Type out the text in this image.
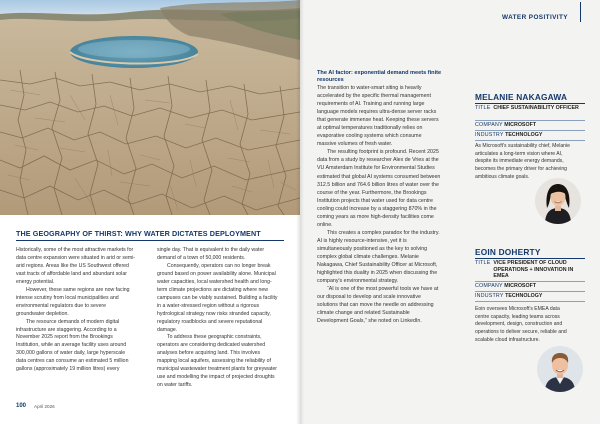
THE GEOGRAPHY OF THIRST: WHY WATER DICTATES DEPLOYMENT

Historically, some of the most attractive markets for data centre expansion were situated in arid or semi-arid regions. Areas like the US Southwest offered vast tracts of affordable land and abundant solar energy potential.

However, these same regions are now facing intense scrutiny from local municipalities and environmental regulators due to severe groundwater depletion.

The resource demands of modern digital infrastructure are staggering. According to a November 2025 report from the Brookings Institution, while an average facility uses around 300,000 gallons of water daily, large hyperscale data centres can consume an estimated 5 million gallons (approximately 19 million litres) every

single day. That is equivalent to the daily water demand of a town of 50,000 residents.

Consequently, operators can no longer break ground based on power availability alone. Municipal water capacities, local watershed health and long-term climate projections are dictating where new campuses can be viably sustained. Building a facility in a water-stressed region without a rigorous hydrological strategy now risks stranded capacity, regulatory roadblocks and severe reputational damage.

To address these geographic constraints, operators are considering dedicated watershed analyses before acquiring land. This involves mapping local aquifers, assessing the reliability of municipal wastewater treatment plants for greywater use and modelling the impact of projected droughts on water tariffs.

100 April 2026
WATER POSITIVITY
The AI factor: exponential demand meets finite resources

The transition to water-smart siting is heavily accelerated by the specific thermal management requirements of AI. Training and running large language models requires ultra-dense server racks that generate immense heat. Keeping these servers at optimal temperatures traditionally relies on evaporative cooling systems which consume massive volumes of fresh water.

The resulting footprint is profound. Recent 2025 data from a study by researcher Alex de Vries at the VU Amsterdam Institute for Environmental Studies estimated that global AI systems consumed between 312.5 billion and 764.6 billion litres of water over the course of the year. Furthermore, the Brookings Institution projects that water used for data centre cooling could increase by a staggering 870% in the coming years as more high-density facilities come online.

This creates a complex paradox for the industry. AI is highly resource-intensive, yet it is simultaneously positioned as the key to solving complex global climate challenges. Melanie Nakagawa, Chief Sustainability Officer at Microsoft, highlighted this duality in 2025 when discussing the company's environmental strategy.

“AI is one of the most powerful tools we have at our disposal to develop and scale innovative solutions that can move the needle on addressing climate change and related Sustainable Development Goals,” she noted on LinkedIn.

MELANIE NAKAGAWA
TITLE CHIEF SUSTAINABILITY OFFICER
COMPANY MICROSOFT
INDUSTRY TECHNOLOGY

As Microsoft's sustainability chief, Melanie articulates a long-term vision where AI, despite its immediate energy demands, becomes the primary driver for achieving ambitious climate goals.

EOIN DOHERTY
TITLE VICE PRESIDENT OF CLOUD OPERATIONS + INNOVATION IN EMEA
COMPANY MICROSOFT
INDUSTRY TECHNOLOGY

Eoin oversees Microsoft's EMEA data centre capacity, leading teams across development, design, construction and operations to deliver secure, reliable and scalable cloud infrastructure.
